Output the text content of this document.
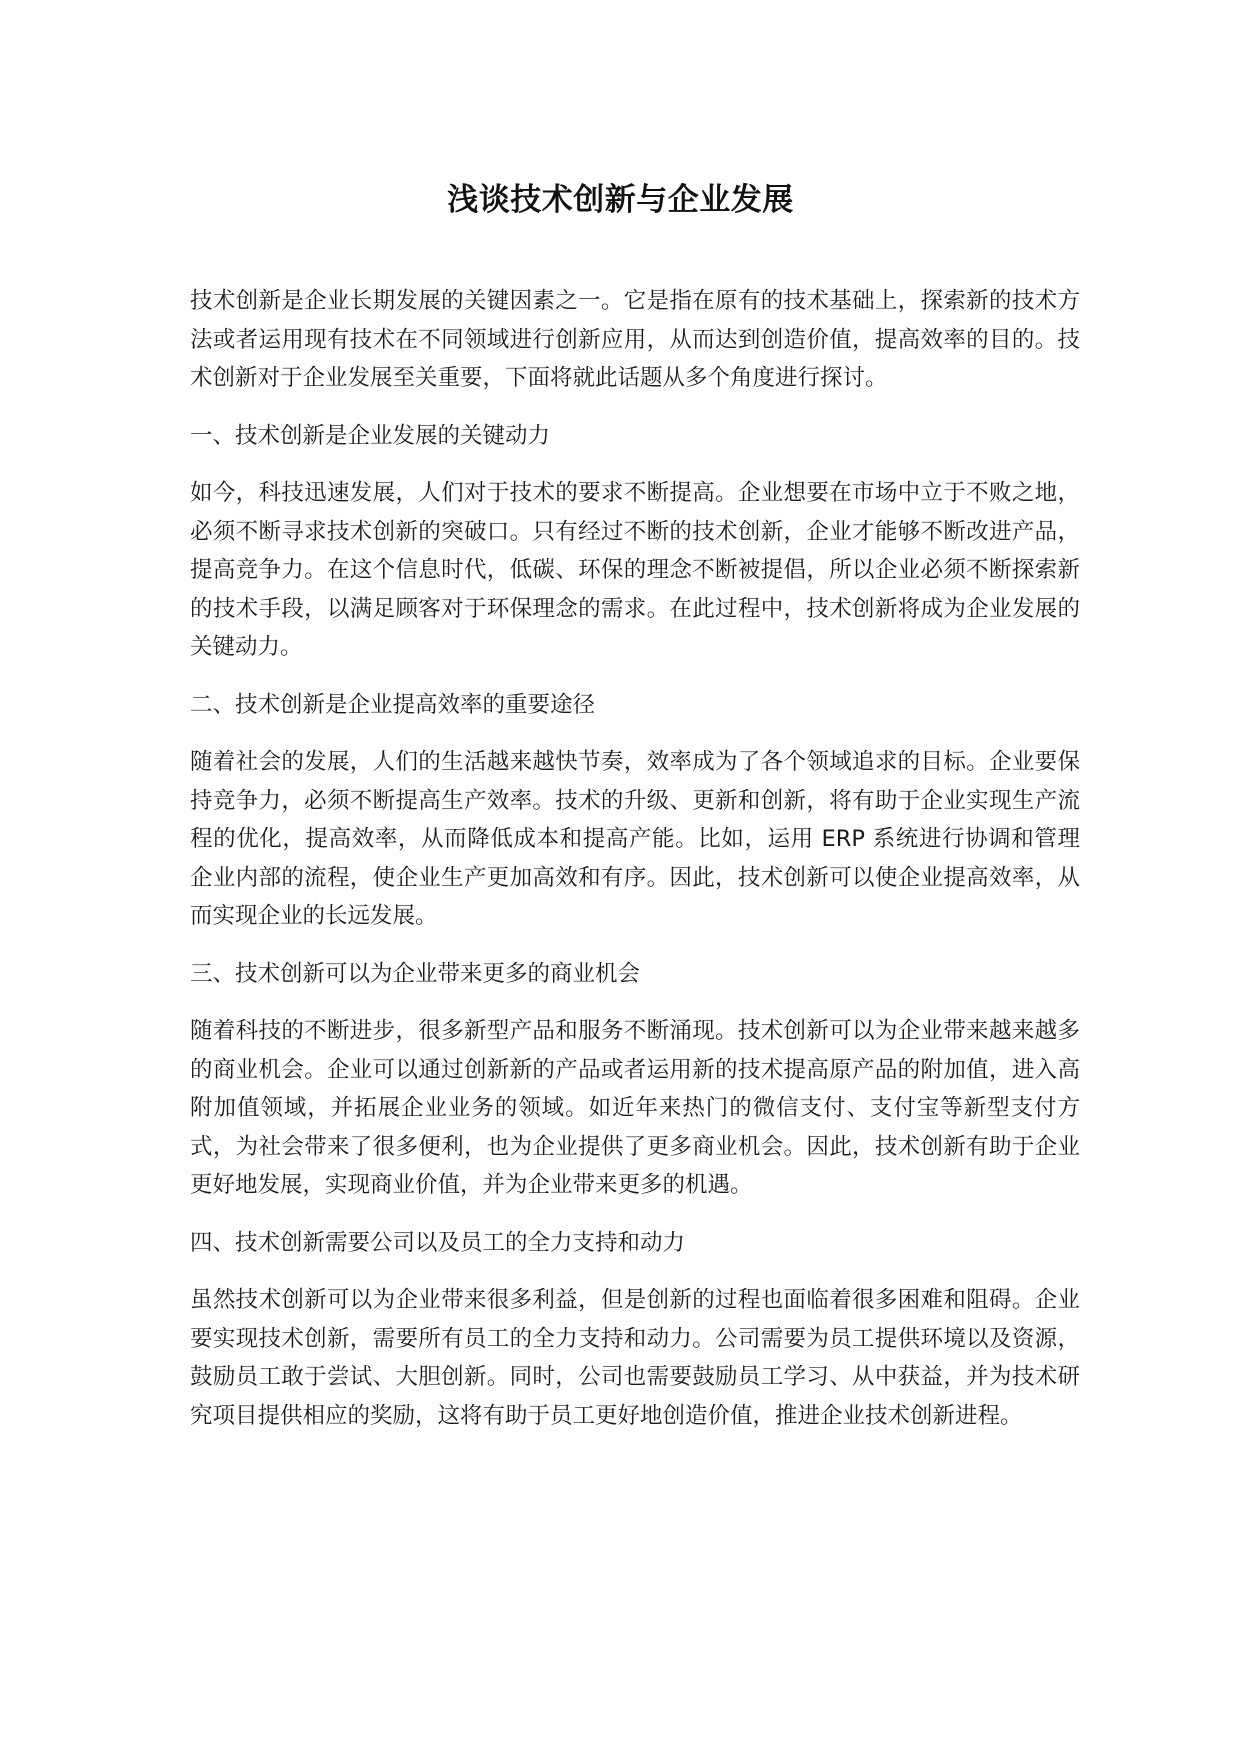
浅谈技术创新与企业发展

技术创新是企业长期发展的关键因素之一。它是指在原有的技术基础上，探索新的技术方法或者运用现有技术在不同领域进行创新应用，从而达到创造价值，提高效率的目的。技术创新对于企业发展至关重要，下面将就此话题从多个角度进行探讨。

一、技术创新是企业发展的关键动力

如今，科技迅速发展，人们对于技术的要求不断提高。企业想要在市场中立于不败之地，必须不断寻求技术创新的突破口。只有经过不断的技术创新，企业才能够不断改进产品，提高竞争力。在这个信息时代，低碳、环保的理念不断被提倡，所以企业必须不断探索新的技术手段，以满足顾客对于环保理念的需求。在此过程中，技术创新将成为企业发展的关键动力。

二、技术创新是企业提高效率的重要途径

随着社会的发展，人们的生活越来越快节奏，效率成为了各个领域追求的目标。企业要保持竞争力，必须不断提高生产效率。技术的升级、更新和创新，将有助于企业实现生产流程的优化，提高效率，从而降低成本和提高产能。比如，运用 ERP 系统进行协调和管理企业内部的流程，使企业生产更加高效和有序。因此，技术创新可以使企业提高效率，从而实现企业的长远发展。

三、技术创新可以为企业带来更多的商业机会

随着科技的不断进步，很多新型产品和服务不断涌现。技术创新可以为企业带来越来越多的商业机会。企业可以通过创新新的产品或者运用新的技术提高原产品的附加值，进入高附加值领域，并拓展企业业务的领域。如近年来热门的微信支付、支付宝等新型支付方式，为社会带来了很多便利，也为企业提供了更多商业机会。因此，技术创新有助于企业更好地发展，实现商业价值，并为企业带来更多的机遇。

四、技术创新需要公司以及员工的全力支持和动力

虽然技术创新可以为企业带来很多利益，但是创新的过程也面临着很多困难和阻碍。企业要实现技术创新，需要所有员工的全力支持和动力。公司需要为员工提供环境以及资源，鼓励员工敢于尝试、大胆创新。同时，公司也需要鼓励员工学习、从中获益，并为技术研究项目提供相应的奖励，这将有助于员工更好地创造价值，推进企业技术创新进程。
